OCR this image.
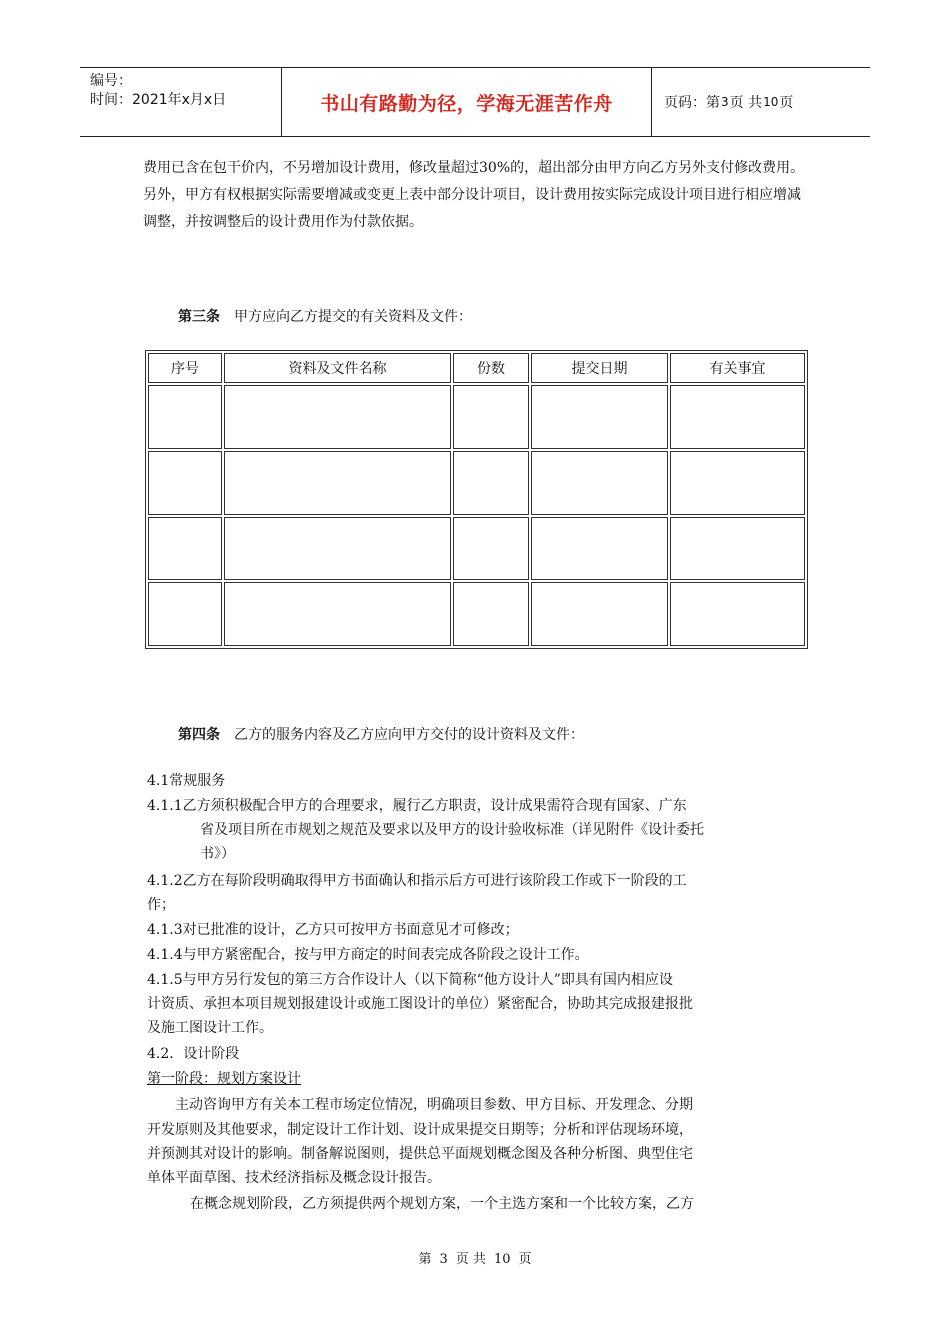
编号：
时间：2021年x月x日	书山有路勤为径，学海无涯苦作舟	页码：第 3 页 共 10 页

费用已含在包干价内，不另增加设计费用，修改量超过30%的，超出部分由甲方向乙方另外支付修改费用。另外，甲方有权根据实际需要增减或变更上表中部分设计项目，设计费用按实际完成设计项目进行相应增减调整，并按调整后的设计费用作为付款依据。

第三条 甲方应向乙方提交的有关资料及文件：

序号	资料及文件名称	份数	提交日期	有关事宜

第四条 乙方的服务内容及乙方应向甲方交付的设计资料及文件：

4.1常规服务

4.1.1乙方须积极配合甲方的合理要求，履行乙方职责，设计成果需符合现有国家、广东

省及项目所在市规划之规范及要求以及甲方的设计验收标准（详见附件《设计委托

书》）

4.1.2乙方在每阶段明确取得甲方书面确认和指示后方可进行该阶段工作或下一阶段的工

作；

4.1.3对已批准的设计，乙方只可按甲方书面意见才可修改；

4.1.4与甲方紧密配合，按与甲方商定的时间表完成各阶段之设计工作。

4.1.5与甲方另行发包的第三方合作设计人（以下简称“他方设计人”即具有国内相应设

计资质、承担本项目规划报建设计或施工图设计的单位）紧密配合，协助其完成报建报批

及施工图设计工作。

4.2．设计阶段

第一阶段：规划方案设计

主动咨询甲方有关本工程市场定位情况，明确项目参数、甲方目标、开发理念、分期

开发原则及其他要求，制定设计工作计划、设计成果提交日期等；分析和评估现场环境，

并预测其对设计的影响。制备解说图则，提供总平面规划概念图及各种分析图、典型住宅

单体平面草图、技术经济指标及概念设计报告。

在概念规划阶段，乙方须提供两个规划方案，一个主选方案和一个比较方案，乙方

第 3 页 共 10 页
